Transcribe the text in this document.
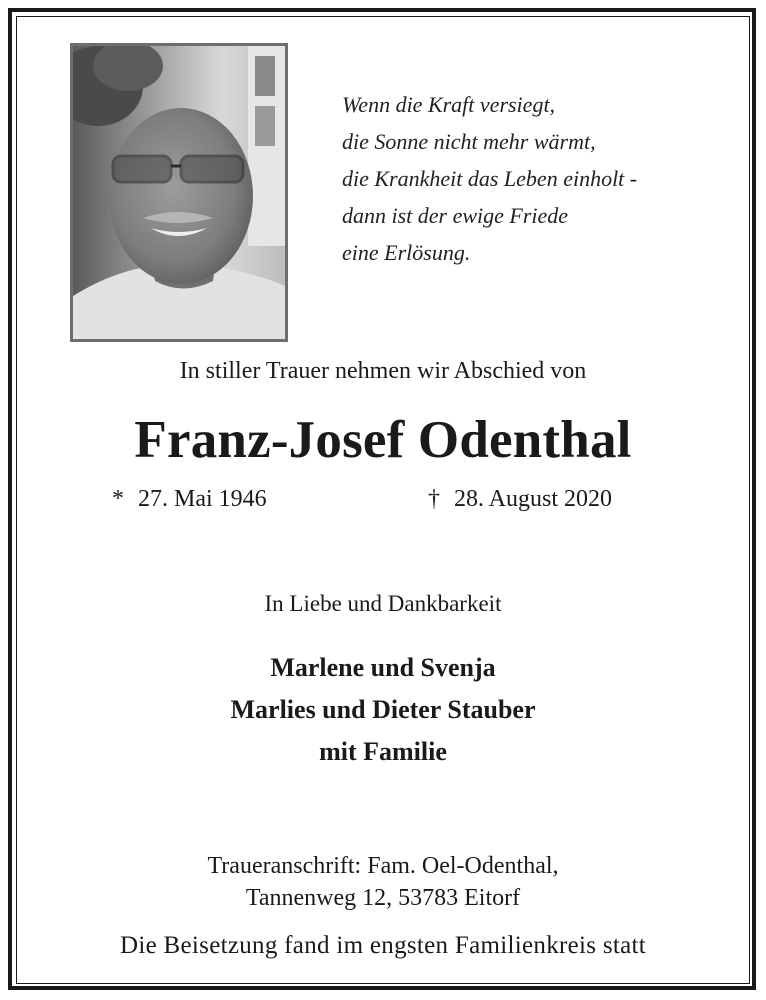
Wenn die Kraft versiegt,
die Sonne nicht mehr wärmt,
die Krankheit das Leben einholt -
dann ist der ewige Friede
eine Erlösung.
In stiller Trauer nehmen wir Abschied von
Franz-Josef Odenthal
* 27. Mai 1946	† 28. August 2020
In Liebe und Dankbarkeit
Marlene und Svenja
Marlies und Dieter Stauber
mit Familie
Traueranschrift: Fam. Oel-Odenthal,
Tannenweg 12, 53783 Eitorf
Die Beisetzung fand im engsten Familienkreis statt
